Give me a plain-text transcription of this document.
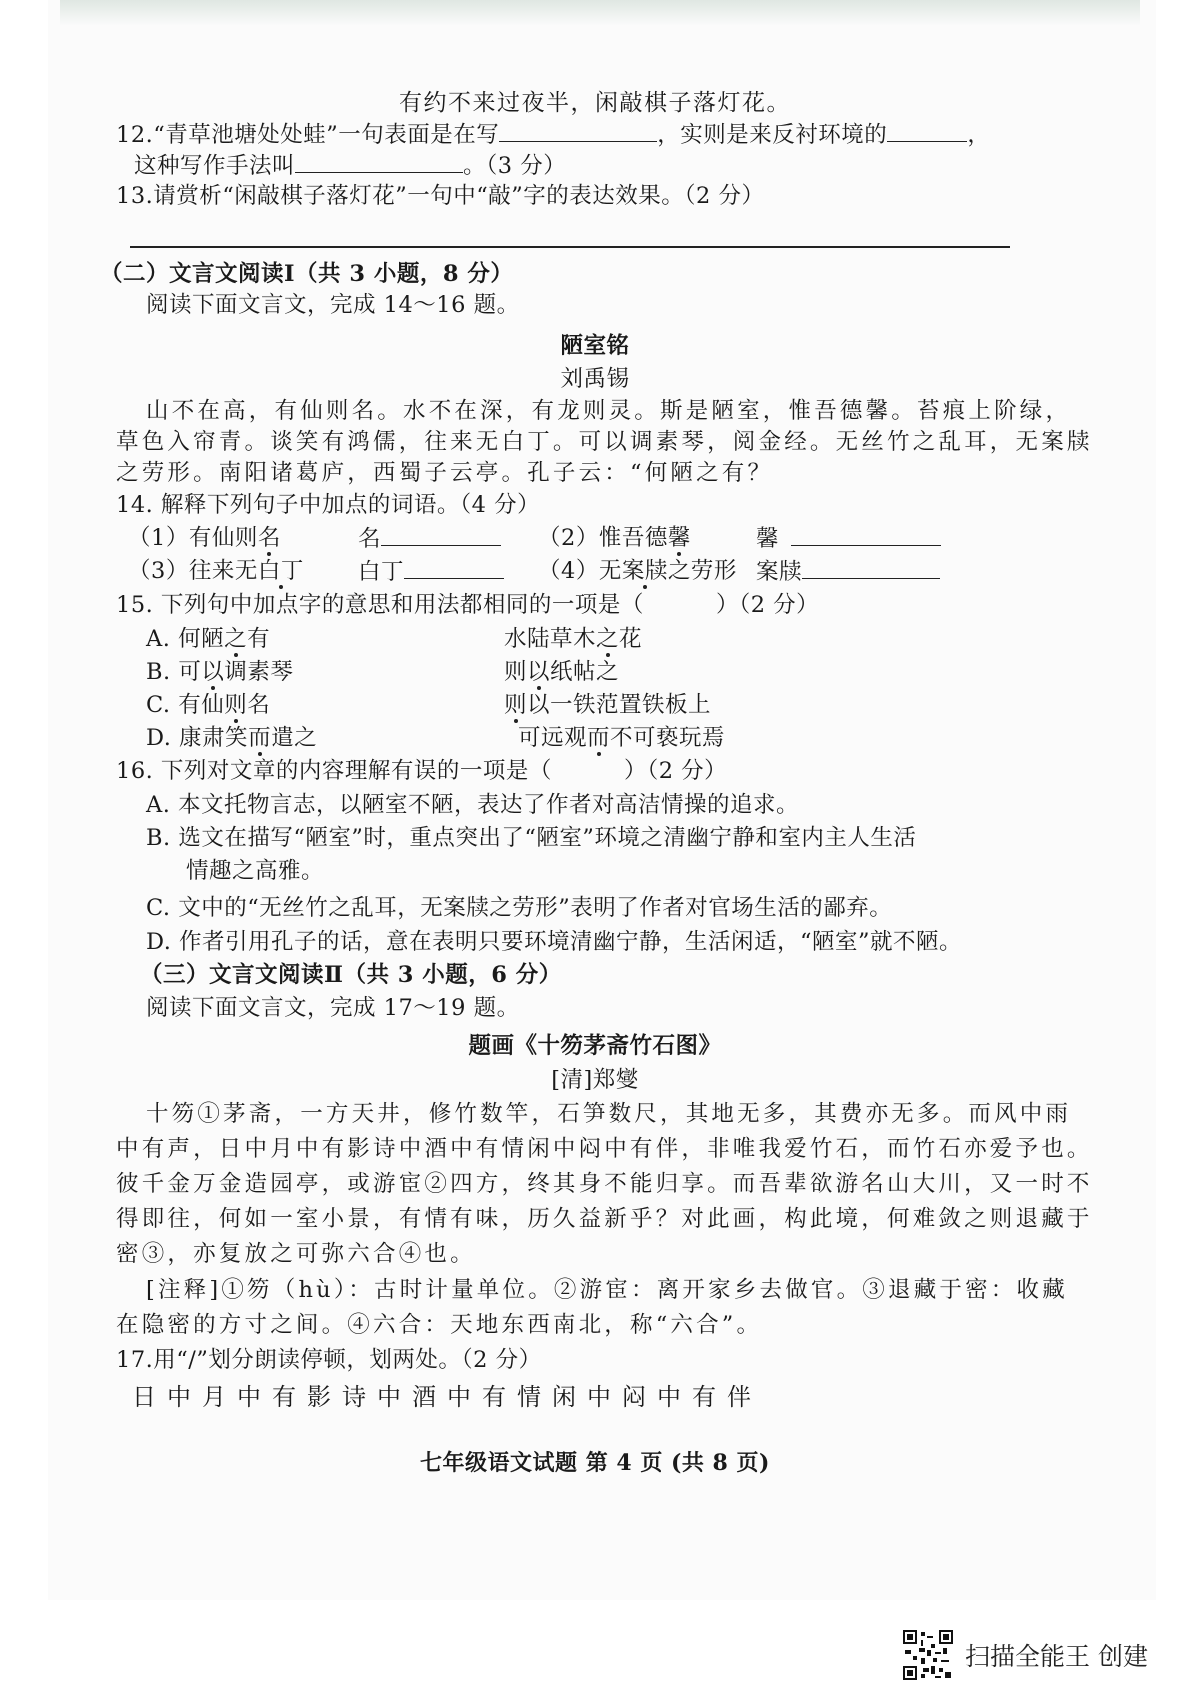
有约不来过夜半，闲敲棋子落灯花。
12.“青草池塘处处蛙”一句表面是在写	，实则是来反衬环境的	，
这种写作手法叫	。（3 分）
13.请赏析“闲敲棋子落灯花”一句中“敲”字的表达效果。（2 分）
（二）文言文阅读Ⅰ（共 3 小题，8 分）
阅读下面文言文，完成 14～16 题。
陋室铭
刘禹锡
山不在高，有仙则名。水不在深，有龙则灵。斯是陋室，惟吾德馨。苔痕上阶绿，
草色入帘青。谈笑有鸿儒，往来无白丁。可以调素琴，阅金经。无丝竹之乱耳，无案牍
之劳形。南阳诸葛庐，西蜀子云亭。孔子云：“何陋之有？
14. 解释下列句子中加点的词语。（4 分）
（1）有仙则名	名	（2）惟吾德馨	馨
（3）往来无白丁 白丁	（4）无案牍之劳形 案牍
15. 下列句中加点字的意思和用法都相同的一项是（	）（2 分）
A. 何陋之有	水陆草木之花
B. 可以调素琴	则以纸帖之
C. 有仙则名	则以一铁范置铁板上
D. 康肃笑而遣之	可远观而不可亵玩焉
16. 下列对文章的内容理解有误的一项是（	）（2 分）
A. 本文托物言志，以陋室不陋，表达了作者对高洁情操的追求。
B. 选文在描写“陋室”时，重点突出了“陋室”环境之清幽宁静和室内主人生活
情趣之高雅。
C. 文中的“无丝竹之乱耳，无案牍之劳形”表明了作者对官场生活的鄙弃。
D. 作者引用孔子的话，意在表明只要环境清幽宁静，生活闲适，“陋室”就不陋。
（三）文言文阅读Ⅱ（共 3 小题，6 分）
阅读下面文言文，完成 17～19 题。
题画《十笏茅斋竹石图》
[清]郑燮
十笏①茅斋，一方天井，修竹数竿，石笋数尺，其地无多，其费亦无多。而风中雨
中有声，日中月中有影诗中酒中有情闲中闷中有伴，非唯我爱竹石，而竹石亦爱予也。
彼千金万金造园亭，或游宦②四方，终其身不能归享。而吾辈欲游名山大川，又一时不
得即往，何如一室小景，有情有味，历久益新乎？对此画，构此境，何难敛之则退藏于
密③，亦复放之可弥六合④也。
[注释]①笏（hù）：古时计量单位。②游宦：离开家乡去做官。③退藏于密：收藏
在隐密的方寸之间。④六合：天地东西南北，称“六合”。
17.用“/”划分朗读停顿，划两处。（2 分）
日中月中有影诗中酒中有情闲中闷中有伴
七年级语文试题 第 4 页 (共 8 页)
扫描全能王 创建
